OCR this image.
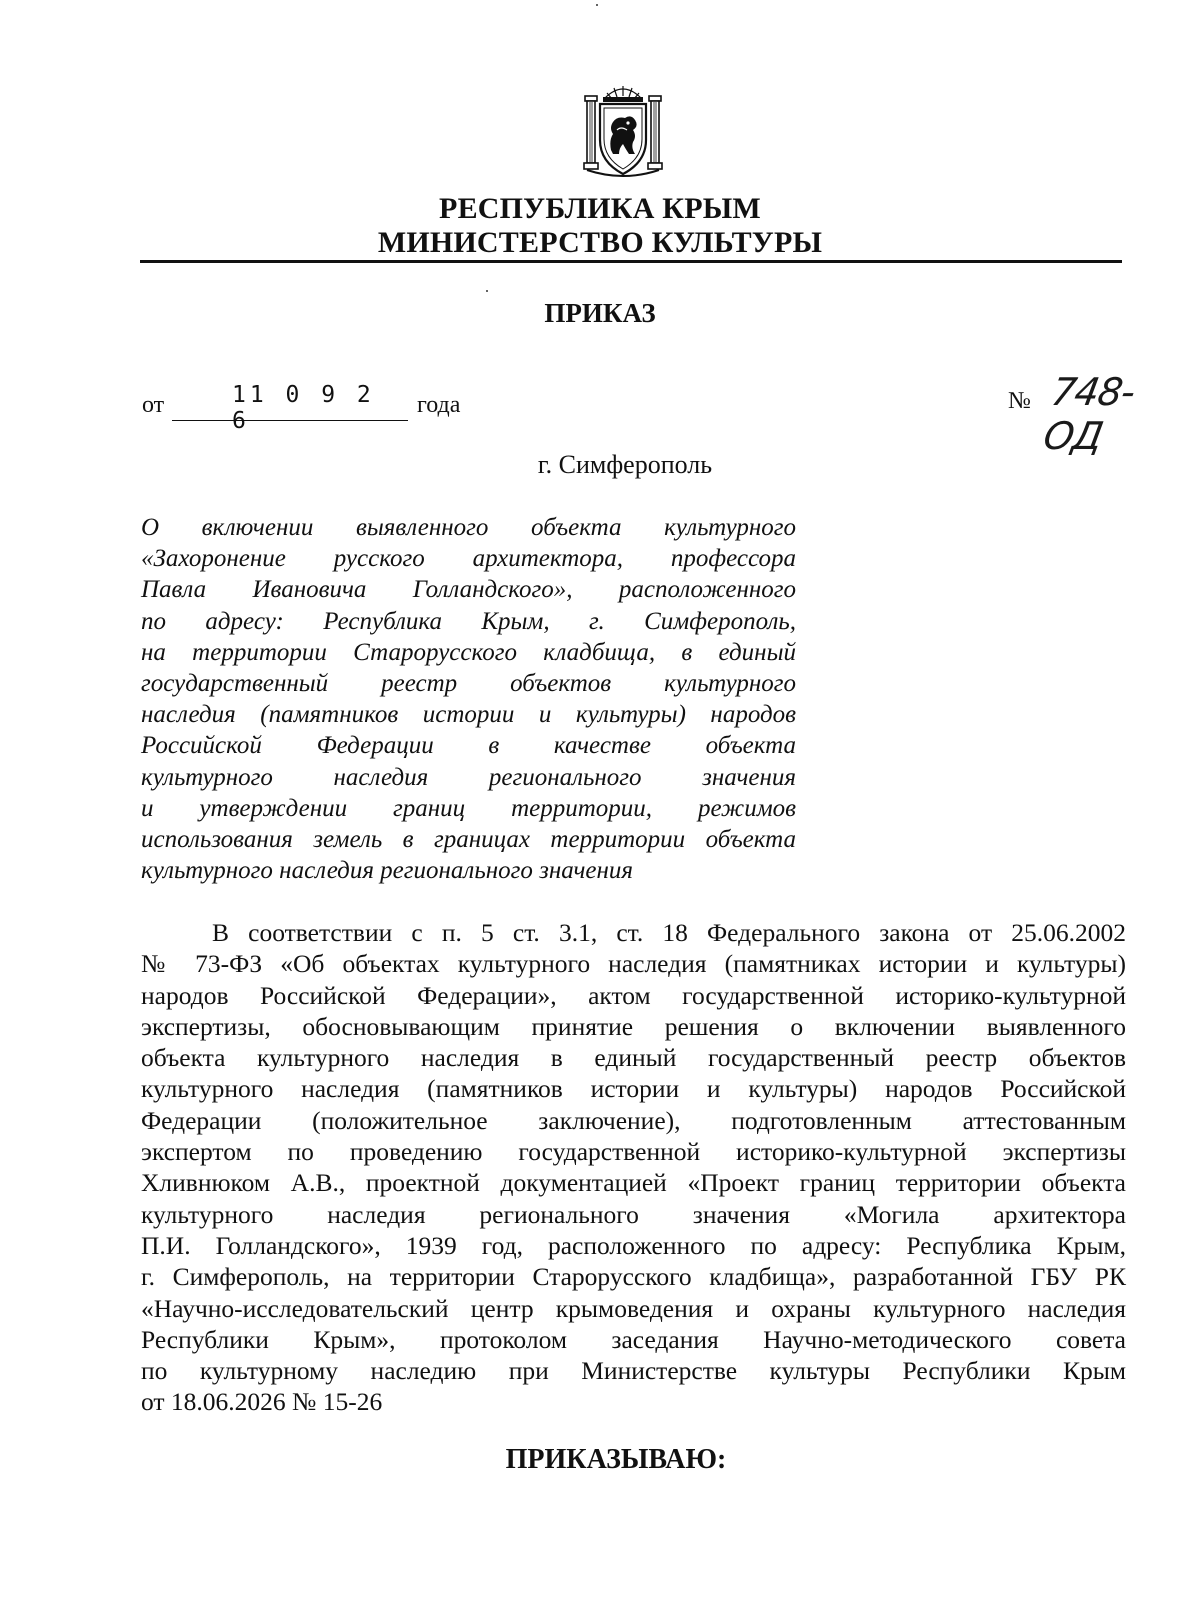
РЕСПУБЛИКА КРЫМ
МИНИСТЕРСТВО КУЛЬТУРЫ
ПРИКАЗ
от	11 0 9 2 6
года	№ 748-ОД
г. Симферополь
О включении выявленного объекта культурного
«Захоронение русского архитектора, профессора
Павла Ивановича Голландского», расположенного
по адресу: Республика Крым, г. Симферополь,
на территории Старорусского кладбища, в единый
государственный реестр объектов культурного
наследия (памятников истории и культуры) народов
Российской Федерации в качестве объекта
культурного наследия регионального значения
и утверждении границ территории, режимов
использования земель в границах территории объекта
культурного наследия регионального значения
В соответствии с п. 5 ст. 3.1, ст. 18 Федерального закона от 25.06.2002
№ 73-ФЗ «Об объектах культурного наследия (памятниках истории и культуры)
народов Российской Федерации», актом государственной историко-культурной
экспертизы, обосновывающим принятие решения о включении выявленного
объекта культурного наследия в единый государственный реестр объектов
культурного наследия (памятников истории и культуры) народов Российской
Федерации (положительное заключение), подготовленным аттестованным
экспертом по проведению государственной историко-культурной экспертизы
Хливнюком А.В., проектной документацией «Проект границ территории объекта
культурного наследия регионального значения «Могила архитектора
П.И. Голландского», 1939 год, расположенного по адресу: Республика Крым,
г. Симферополь, на территории Старорусского кладбища», разработанной ГБУ РК
«Научно-исследовательский центр крымоведения и охраны культурного наследия
Республики Крым», протоколом заседания Научно-методического совета
по культурному наследию при Министерстве культуры Республики Крым
от 18.06.2026 № 15-26
ПРИКАЗЫВАЮ:
